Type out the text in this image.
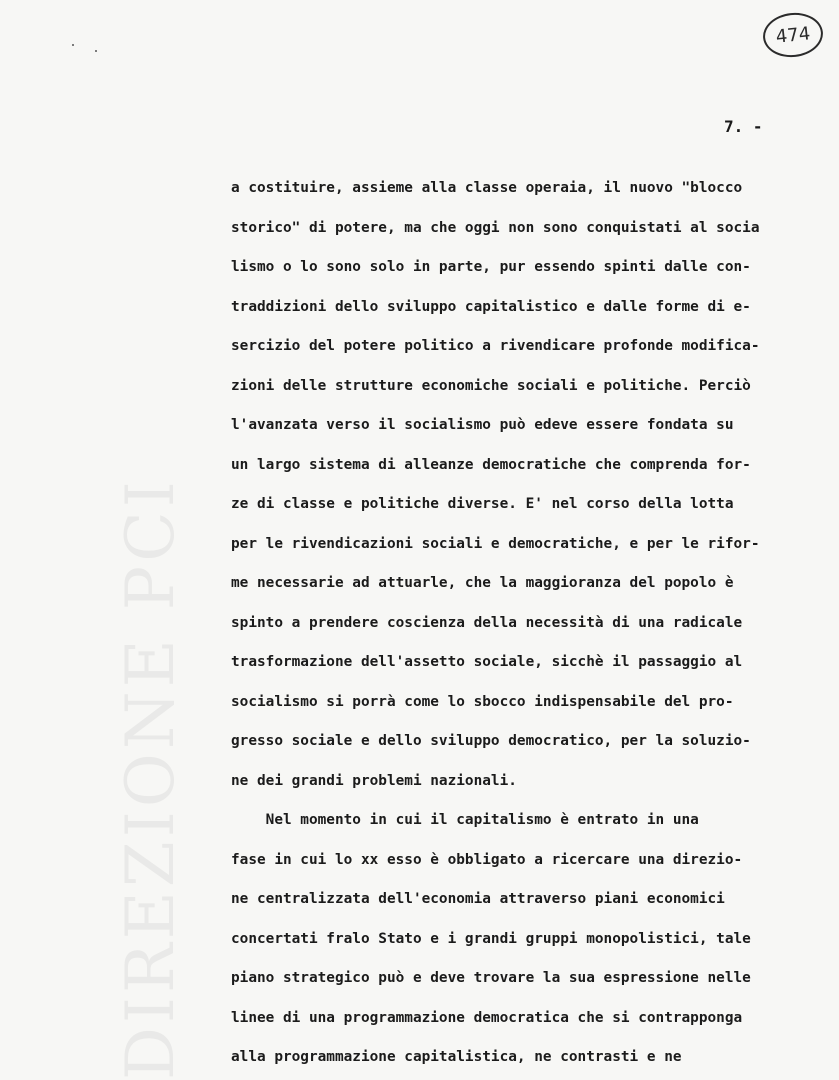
DIREZIONE PCI
474
7. -
a costituire, assieme alla classe operaia, il nuovo "blocco
storico" di potere, ma che oggi non sono conquistati al socia
lismo o lo sono solo in parte, pur essendo spinti dalle con-
traddizioni dello sviluppo capitalistico e dalle forme di e-
sercizio del potere politico a rivendicare profonde modifica-
zioni delle strutture economiche sociali e politiche. Perciò
l'avanzata verso il socialismo può edeve essere fondata su
un largo sistema di alleanze democratiche che comprenda for-
ze di classe e politiche diverse. E' nel corso della lotta
per le rivendicazioni sociali e democratiche, e per le rifor-
me necessarie ad attuarle, che la maggioranza del popolo è
spinto a prendere coscienza della necessità di una radicale
trasformazione dell'assetto sociale, sicchè il passaggio al
socialismo si porrà come lo sbocco indispensabile del pro-
gresso sociale e dello sviluppo democratico, per la soluzio-
ne dei grandi problemi nazionali.
Nel momento in cui il capitalismo è entrato in una
fase in cui lo xx esso è obbligato a ricercare una direzio-
ne centralizzata dell'economia attraverso piani economici
concertati fralo Stato e i grandi gruppi monopolistici, tale
piano strategico può e deve trovare la sua espressione nelle
linee di una programmazione democratica che si contrapponga
alla programmazione capitalistica, ne contrasti e ne
